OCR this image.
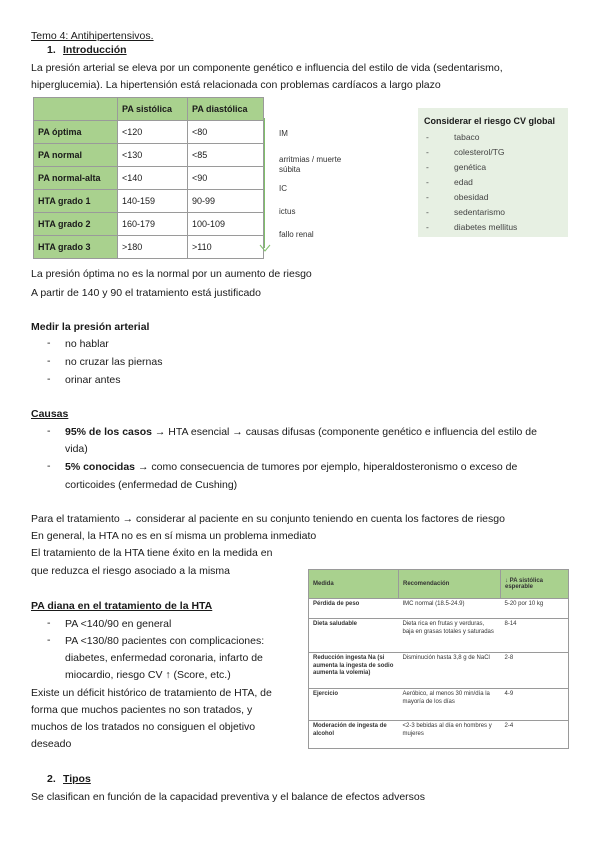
Temo 4: Antihipertensivos.
1. Introducción
La presión arterial se eleva por un componente genético e influencia del estilo de vida (sedentarismo,
hiperglucemia). La hipertensión está relacionada con problemas cardíacos a largo plazo
	PA sistólica	PA diastólica
PA óptima	<120	<80
PA normal	<130	<85
PA normal-alta	<140	<90
HTA grado 1	140-159	90-99
HTA grado 2	160-179	100-109
HTA grado 3	>180	>110
IM
arritmias / muerte súbita
IC
ictus
fallo renal
Considerar el riesgo CV global
-	tabaco
-	colesterol/TG
-	genética
-	edad
-	obesidad
-	sedentarismo
-	diabetes mellitus
La presión óptima no es la normal por un aumento de riesgo
A partir de 140 y 90 el tratamiento está justificado
Medir la presión arterial
- no hablar
- no cruzar las piernas
- orinar antes
Causas
- 95% de los casos → HTA esencial → causas difusas (componente genético e influencia del estilo de
vida)
- 5% conocidas → como consecuencia de tumores por ejemplo, hiperaldosteronismo o exceso de
corticoides (enfermedad de Cushing)
Para el tratamiento → considerar al paciente en su conjunto teniendo en cuenta los factores de riesgo
En general, la HTA no es en sí misma un problema inmediato
El tratamiento de la HTA tiene éxito en la medida en
que reduzca el riesgo asociado a la misma
PA diana en el tratamiento de la HTA
- PA <140/90 en general
- PA <130/80 pacientes con complicaciones:
diabetes, enfermedad coronaria, infarto de
miocardio, riesgo CV ↑ (Score, etc.)
Existe un déficit histórico de tratamiento de HTA, de
forma que muchos pacientes no son tratados, y
muchos de los tratados no consiguen el objetivo
deseado
Medida	Recomendación	↓ PA sistólica esperable
Pérdida de peso	IMC normal (18.5-24.9)	5-20 por 10 kg
Dieta saludable	Dieta rica en frutas y verduras, baja en grasas totales y saturadas	8-14
Reducción ingesta Na (si aumenta la ingesta de sodio aumenta la volemia)	Disminución hasta 3,8 g de NaCl	2-8
Ejercicio	Aeróbico, al menos 30 min/día la mayoría de los días	4-9
Moderación de ingesta de alcohol	<2-3 bebidas al día en hombres y mujeres	2-4
2. Tipos
Se clasifican en función de la capacidad preventiva y el balance de efectos adversos
